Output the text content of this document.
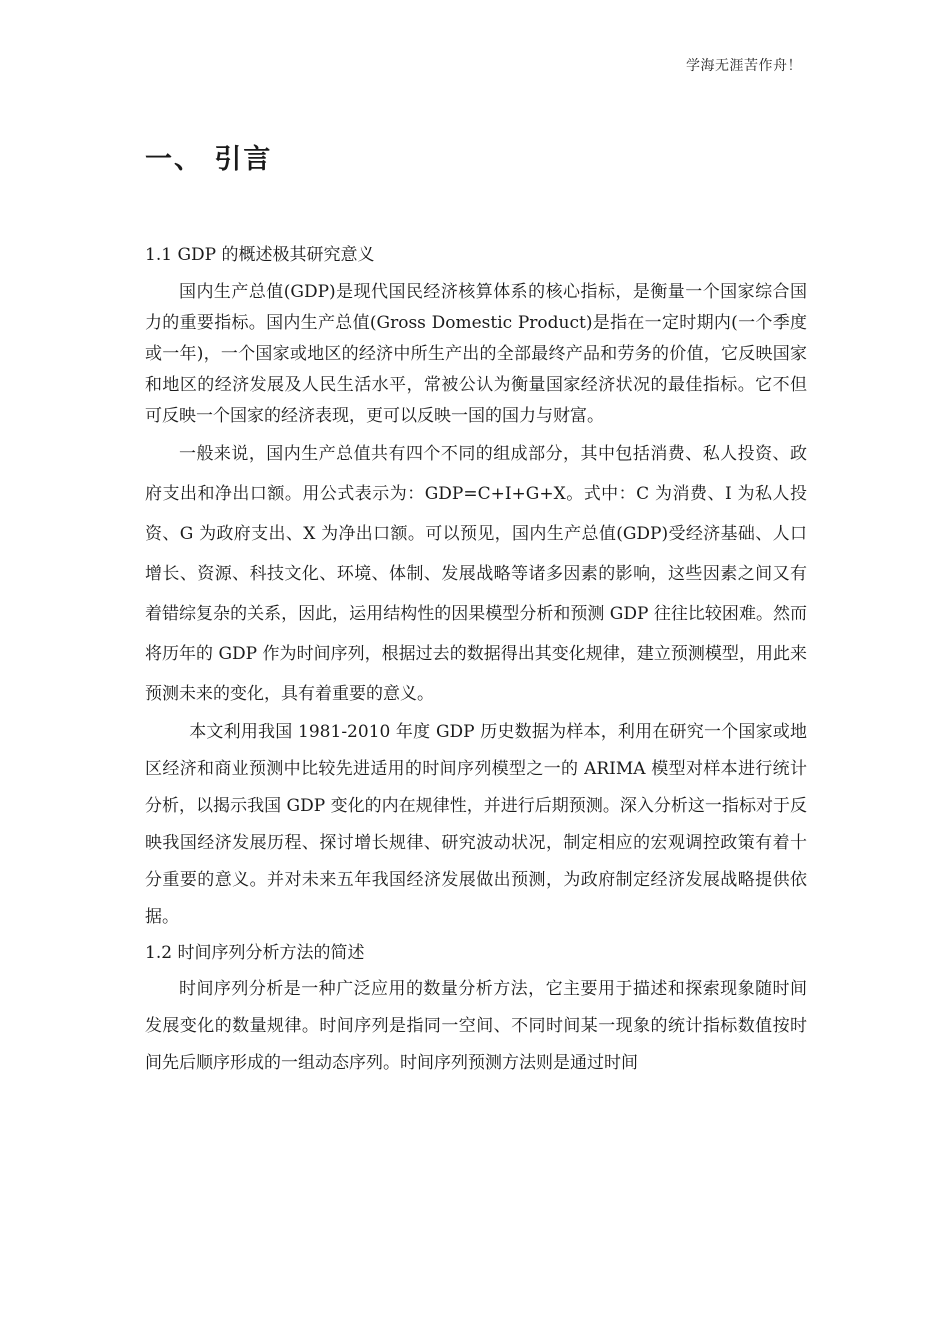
学海无涯苦作舟！
一、 引言
1.1 GDP 的概述极其研究意义

国内生产总值(GDP)是现代国民经济核算体系的核心指标，是衡量一个国家综合国力的重要指标。国内生产总值(Gross Domestic Product)是指在一定时期内(一个季度或一年)，一个国家或地区的经济中所生产出的全部最终产品和劳务的价值，它反映国家和地区的经济发展及人民生活水平，常被公认为衡量国家经济状况的最佳指标。它不但可反映一个国家的经济表现，更可以反映一国的国力与财富。

一般来说，国内生产总值共有四个不同的组成部分，其中包括消费、私人投资、政府支出和净出口额。用公式表示为：GDP=C+I+G+X。式中：C 为消费、I 为私人投资、G 为政府支出、X 为净出口额。可以预见，国内生产总值(GDP)受经济基础、人口增长、资源、科技文化、环境、体制、发展战略等诸多因素的影响，这些因素之间又有着错综复杂的关系，因此，运用结构性的因果模型分析和预测 GDP 往往比较困难。然而将历年的 GDP 作为时间序列，根据过去的数据得出其变化规律，建立预测模型，用此来预测未来的变化，具有着重要的意义。

本文利用我国 1981-2010 年度 GDP 历史数据为样本，利用在研究一个国家或地区经济和商业预测中比较先进适用的时间序列模型之一的 ARIMA 模型对样本进行统计分析，以揭示我国 GDP 变化的内在规律性，并进行后期预测。深入分析这一指标对于反映我国经济发展历程、探讨增长规律、研究波动状况，制定相应的宏观调控政策有着十分重要的意义。并对未来五年我国经济发展做出预测，为政府制定经济发展战略提供依据。

1.2 时间序列分析方法的简述

时间序列分析是一种广泛应用的数量分析方法，它主要用于描述和探索现象随时间发展变化的数量规律。时间序列是指同一空间、不同时间某一现象的统计指标数值按时间先后顺序形成的一组动态序列。时间序列预测方法则是通过时间
